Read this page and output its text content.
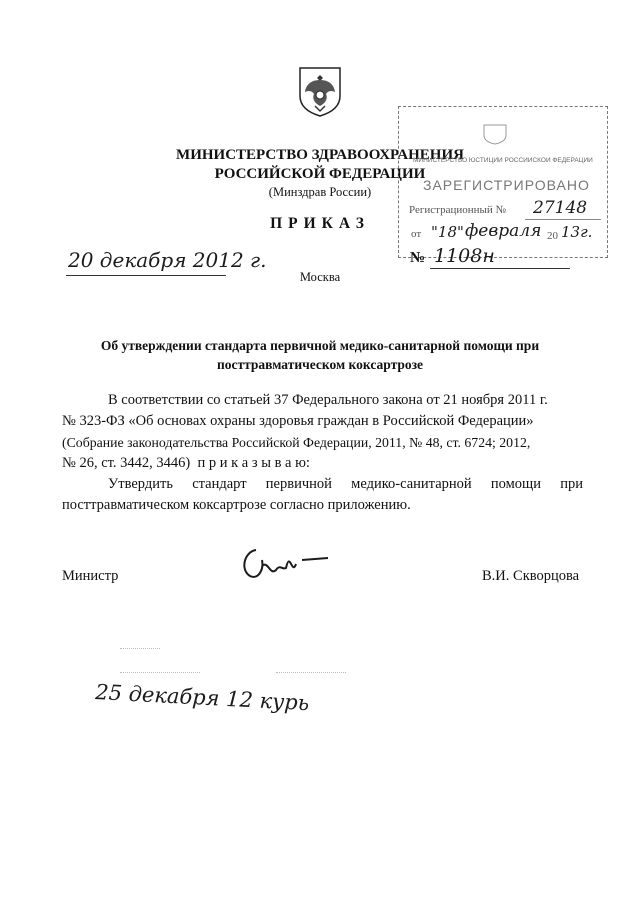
МИНИСТЕРСТВО ЗДРАВООХРАНЕНИЯ
РОССИЙСКОЙ ФЕДЕРАЦИИ
(Минздрав России)
ПРИКАЗ
МИНИСТЕРСТВО ЮСТИЦИИ РОССИЙСКОЙ ФЕДЕРАЦИИ
ЗАРЕГИСТРИРОВАНО
Регистрационный № 27148
от "18" февраля 20 13г.
20 декабря 2012 г.
Москва
№ 1108н
Об утверждении стандарта первичной медико-санитарной помощи при
посттравматическом коксартрозе
В соответствии со статьей 37 Федерального закона от 21 ноября 2011 г.
№ 323-ФЗ «Об основах охраны здоровья граждан в Российской Федерации»
(Собрание законодательства Российской Федерации, 2011, № 48, ст. 6724; 2012,
№ 26, ст. 3442, 3446)  п р и к а з ы в а ю:
Утвердить  стандарт  первичной  медико-санитарной  помощи  при
посттравматическом коксартрозе согласно приложению.
Министр	В.И. Скворцова
25 декабря 12 курь
